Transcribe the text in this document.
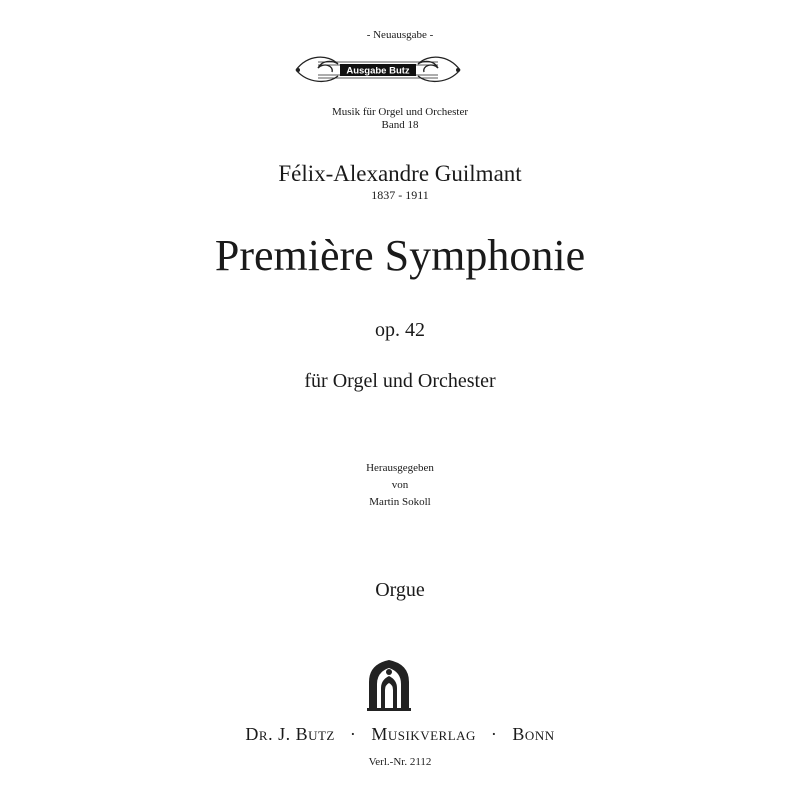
- Neuausgabe -
Ausgabe Butz
Musik für Orgel und Orchester
Band 18
Félix-Alexandre Guilmant
1837 - 1911
Première Symphonie
op. 42
für Orgel und Orchester
Herausgegeben
von
Martin Sokoll
Orgue
Dr. J. Butz · Musikverlag · Bonn
Verl.-Nr. 2112
